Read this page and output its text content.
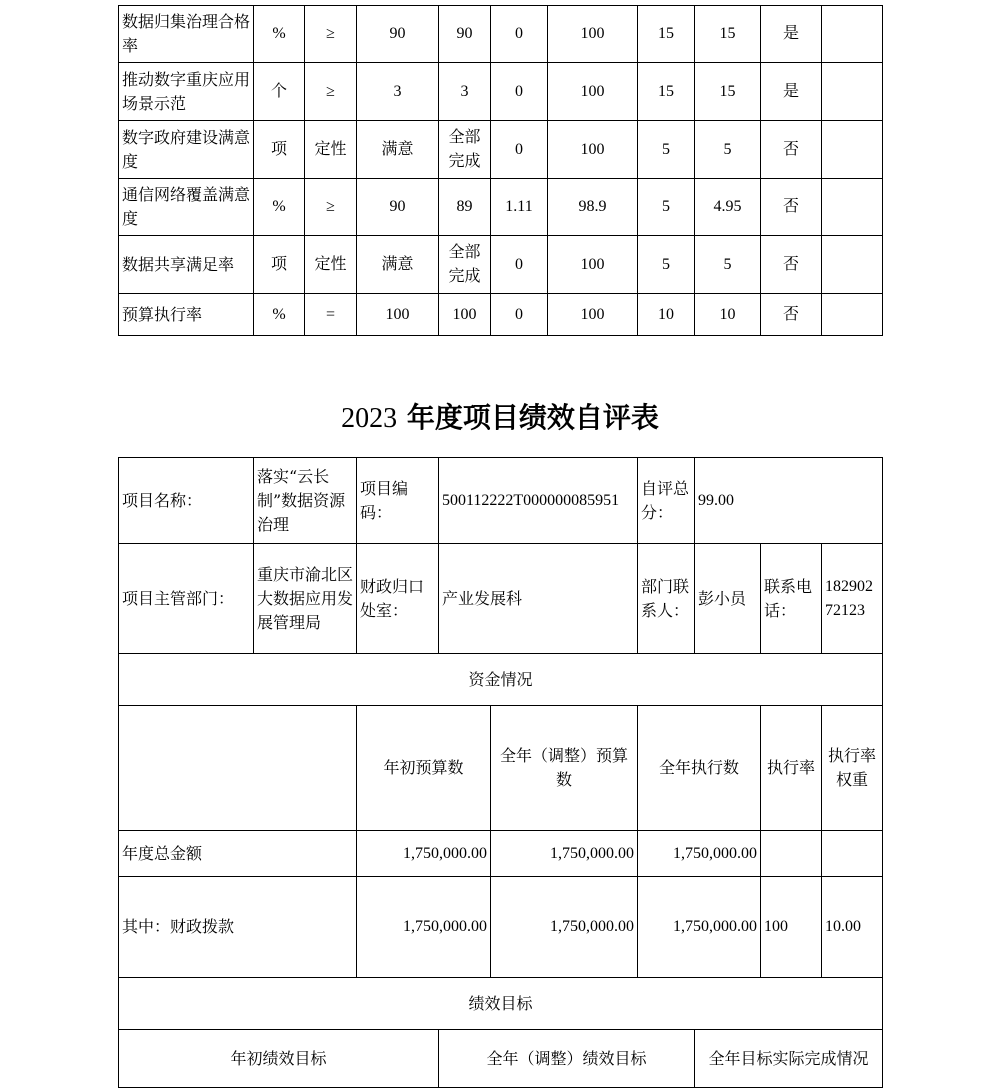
数据归集治理合格率	%	≥	90	90	0	100	15	15	是	
推动数字重庆应用场景示范	个	≥	3	3	0	100	15	15	是	
数字政府建设满意度	项	定性	满意	全部完成	0	100	5	5	否	
通信网络覆盖满意度	%	≥	90	89	1.11	98.9	5	4.95	否	
数据共享满足率	项	定性	满意	全部完成	0	100	5	5	否	
预算执行率	%	=	100	100	0	100	10	10	否	
2023 年度项目绩效自评表
项目名称：	落实“云长制”数据资源治理	项目编码：	500112222T000000085951		自评总分：	99.00			
项目主管部门：	重庆市渝北区大数据应用发展管理局	财政归口处室：	产业发展科		部门联系人：	彭小员	联系电话：	18290272123	
资金情况									
		年初预算数		全年（调整）预算数	全年执行数		执行率	执行率权重	
年度总金额		1,750,000.00		1,750,000.00	1,750,000.00				
其中：财政拨款		1,750,000.00		1,750,000.00	1,750,000.00		100	10.00	
绩效目标									
年初绩效目标			全年（调整）绩效目标			全年目标实际完成情况			
